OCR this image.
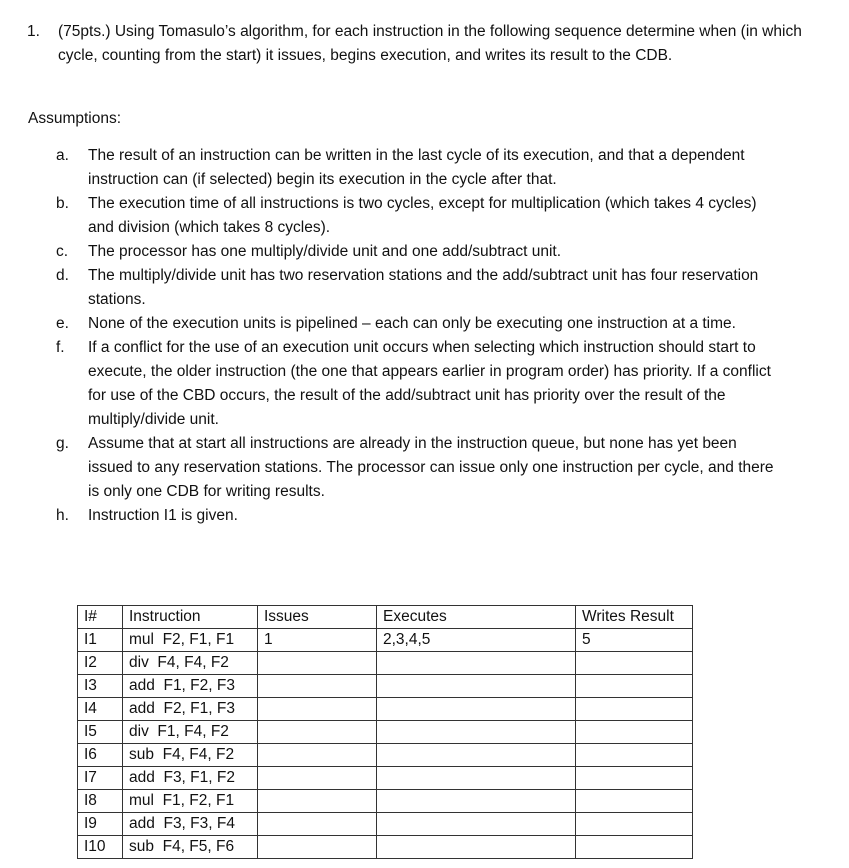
1.	(75pts.) Using Tomasulo’s algorithm, for each instruction in the following sequence determine when (in which cycle, counting from the start) it issues, begins execution, and writes its result to the CDB.
Assumptions:
a.	The result of an instruction can be written in the last cycle of its execution, and that a dependent instruction can (if selected) begin its execution in the cycle after that.
b.	The execution time of all instructions is two cycles, except for multiplication (which takes 4 cycles) and division (which takes 8 cycles).
c.	The processor has one multiply/divide unit and one add/subtract unit.
d.	The multiply/divide unit has two reservation stations and the add/subtract unit has four reservation stations.
e.	None of the execution units is pipelined – each can only be executing one instruction at a time.
f.	If a conflict for the use of an execution unit occurs when selecting which instruction should start to execute, the older instruction (the one that appears earlier in program order) has priority. If a conflict for use of the CBD occurs, the result of the add/subtract unit has priority over the result of the multiply/divide unit.
g.	Assume that at start all instructions are already in the instruction queue, but none has yet been issued to any reservation stations. The processor can issue only one instruction per cycle, and there is only one CDB for writing results.
h.	Instruction I1 is given.
I#	Instruction	Issues	Executes	Writes Result
I1	mul  F2, F1, F1	1	2,3,4,5	5
I2	div  F4, F4, F2			
I3	add  F1, F2, F3			
I4	add  F2, F1, F3			
I5	div  F1, F4, F2			
I6	sub  F4, F4, F2			
I7	add  F3, F1, F2			
I8	mul  F1, F2, F1			
I9	add  F3, F3, F4			
I10	sub  F4, F5, F6			
